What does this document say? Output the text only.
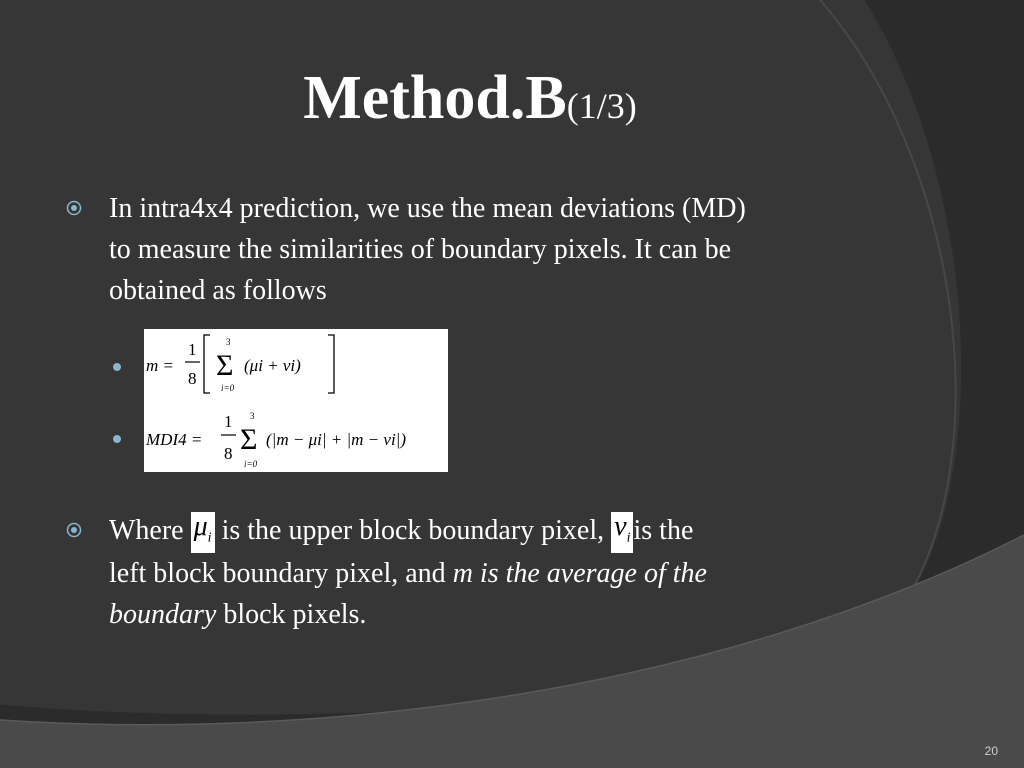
Method.B(1/3)
In intra4x4 prediction, we use the mean deviations (MD)
to measure the similarities of boundary pixels. It can be
obtained as follows
m =
1
8
3
Σ
i=0
(μi + νi)
MDI4 =
1
8
3
Σ
i=0
(|m − μi| + |m − νi|)
Where $\mu_i$ is the upper block boundary pixel, $\nu_i$ is the
left block boundary pixel, and m is the average of the
boundary block pixels.
20
